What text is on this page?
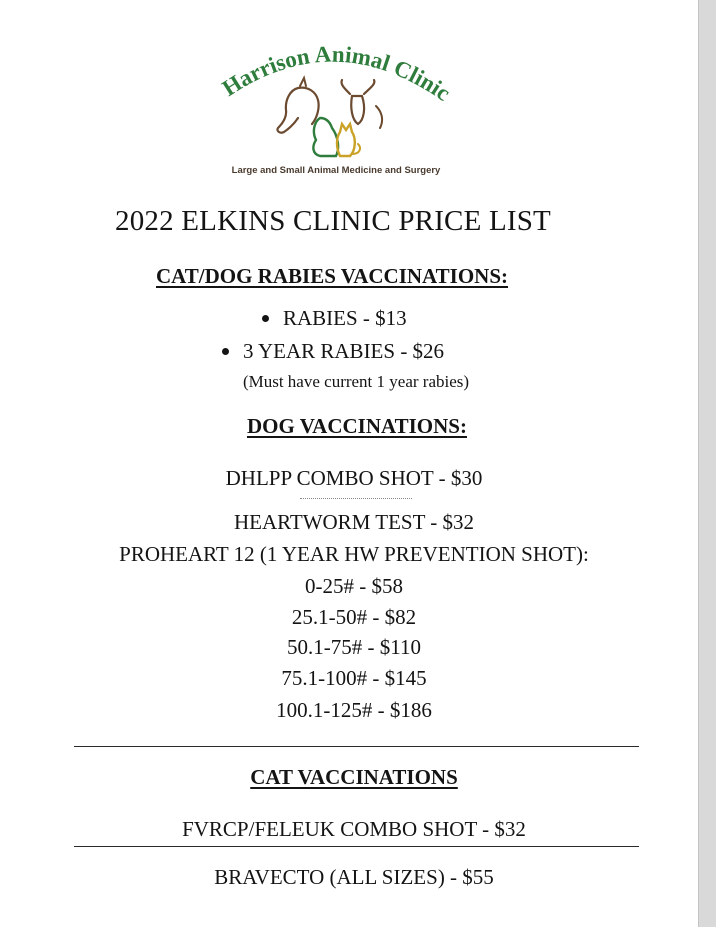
Harrison Animal Clinic
Large and Small Animal Medicine and Surgery
2022 ELKINS CLINIC PRICE LIST
CAT/DOG RABIES VACCINATIONS:
RABIES - $13
3 YEAR RABIES - $26
(Must have current 1 year rabies)
DOG VACCINATIONS:
DHLPP COMBO SHOT - $30
HEARTWORM TEST - $32
PROHEART 12 (1 YEAR HW PREVENTION SHOT):
0-25# - $58
25.1-50# - $82
50.1-75# - $110
75.1-100# - $145
100.1-125# - $186
CAT VACCINATIONS
FVRCP/FELEUK COMBO SHOT - $32
BRAVECTO (ALL SIZES) - $55
